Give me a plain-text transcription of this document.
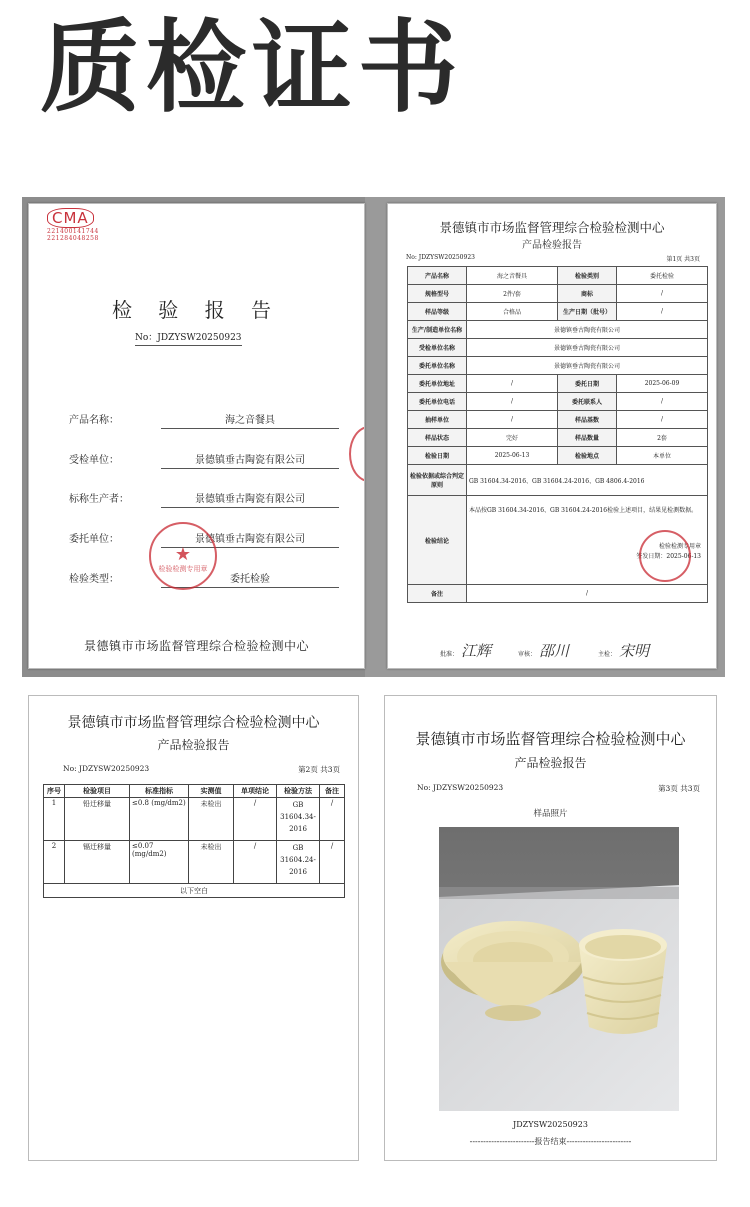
质检证书
CMA
221400141744
221284048258
检 验 报 告
No：JDZYSW20250923
产品名称：	海之音餐具
受检单位：	景德镇垂古陶瓷有限公司
标称生产者：	景德镇垂古陶瓷有限公司
委托单位：	景德镇垂古陶瓷有限公司
检验类型：	委托检验
★
检验检测专用章
景德镇市市场监督管理综合检验检测中心
景德镇市市场监督管理综合检验检测中心
产品检验报告
No: JDZYSW20250923	第1页 共3页
产品名称	海之音餐具	检验类别	委托检验
规格型号	2件/套	商标	/
样品等级	合格品	生产日期（批号）	/
生产/制造单位名称	景德镇垂古陶瓷有限公司		
受检单位名称	景德镇垂古陶瓷有限公司		
委托单位名称	景德镇垂古陶瓷有限公司		
委托单位地址	/	委托日期	2025-06-09
委托单位电话	/	委托联系人	/
抽样单位	/	样品基数	/
样品状态	完好	样品数量	2套
检验日期	2025-06-13	检验地点	本单位
检验依据或综合判定原则	GB 31604.34-2016、GB 31604.24-2016、GB 4806.4-2016		
检验结论	本品按GB 31604.34-2016、GB 31604.24-2016检验上述项目，结果见检测数据。
检验检测专用章
签发日期：2025-06-13		

备注	/		
批准： 江辉	审核： 邵川	主检： 宋明
景德镇市市场监督管理综合检验检测中心
产品检验报告
No: JDZYSW20250923	第2页 共3页
序号	检验项目	标准指标	实测值	单项结论	检验方法	备注
1	铅迁移量	≤0.8 (mg/dm2)	未检出	/	GB 31604.34-2016	/
2	镉迁移量	≤0.07 (mg/dm2)	未检出	/	GB 31604.24-2016	/
以下空白						
景德镇市市场监督管理综合检验检测中心
产品检验报告
No: JDZYSW20250923	第3页 共3页
样品照片
JDZYSW20250923
------------------------报告结束------------------------
